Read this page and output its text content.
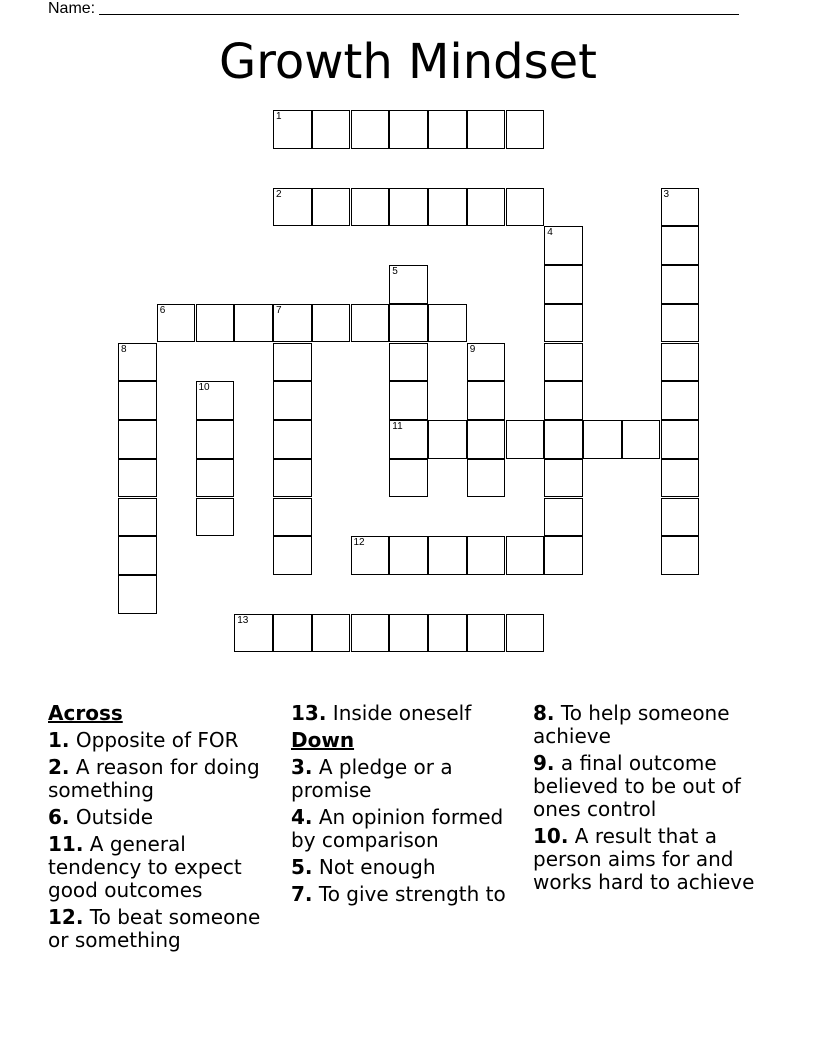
Name:
Growth Mindset
1
2	3
4
5
11
6	7
8	9
10
12
13
Across
1. Opposite of FOR
2. A reason for doing something
6. Outside
11. A general tendency to expect good outcomes
12. To beat someone or something
13. Inside oneself
Down
3. A pledge or a promise
4. An opinion formed by comparison
5. Not enough
7. To give strength to
8. To help someone achieve
9. a final outcome believed to be out of ones control
10. A result that a person aims for and works hard to achieve
